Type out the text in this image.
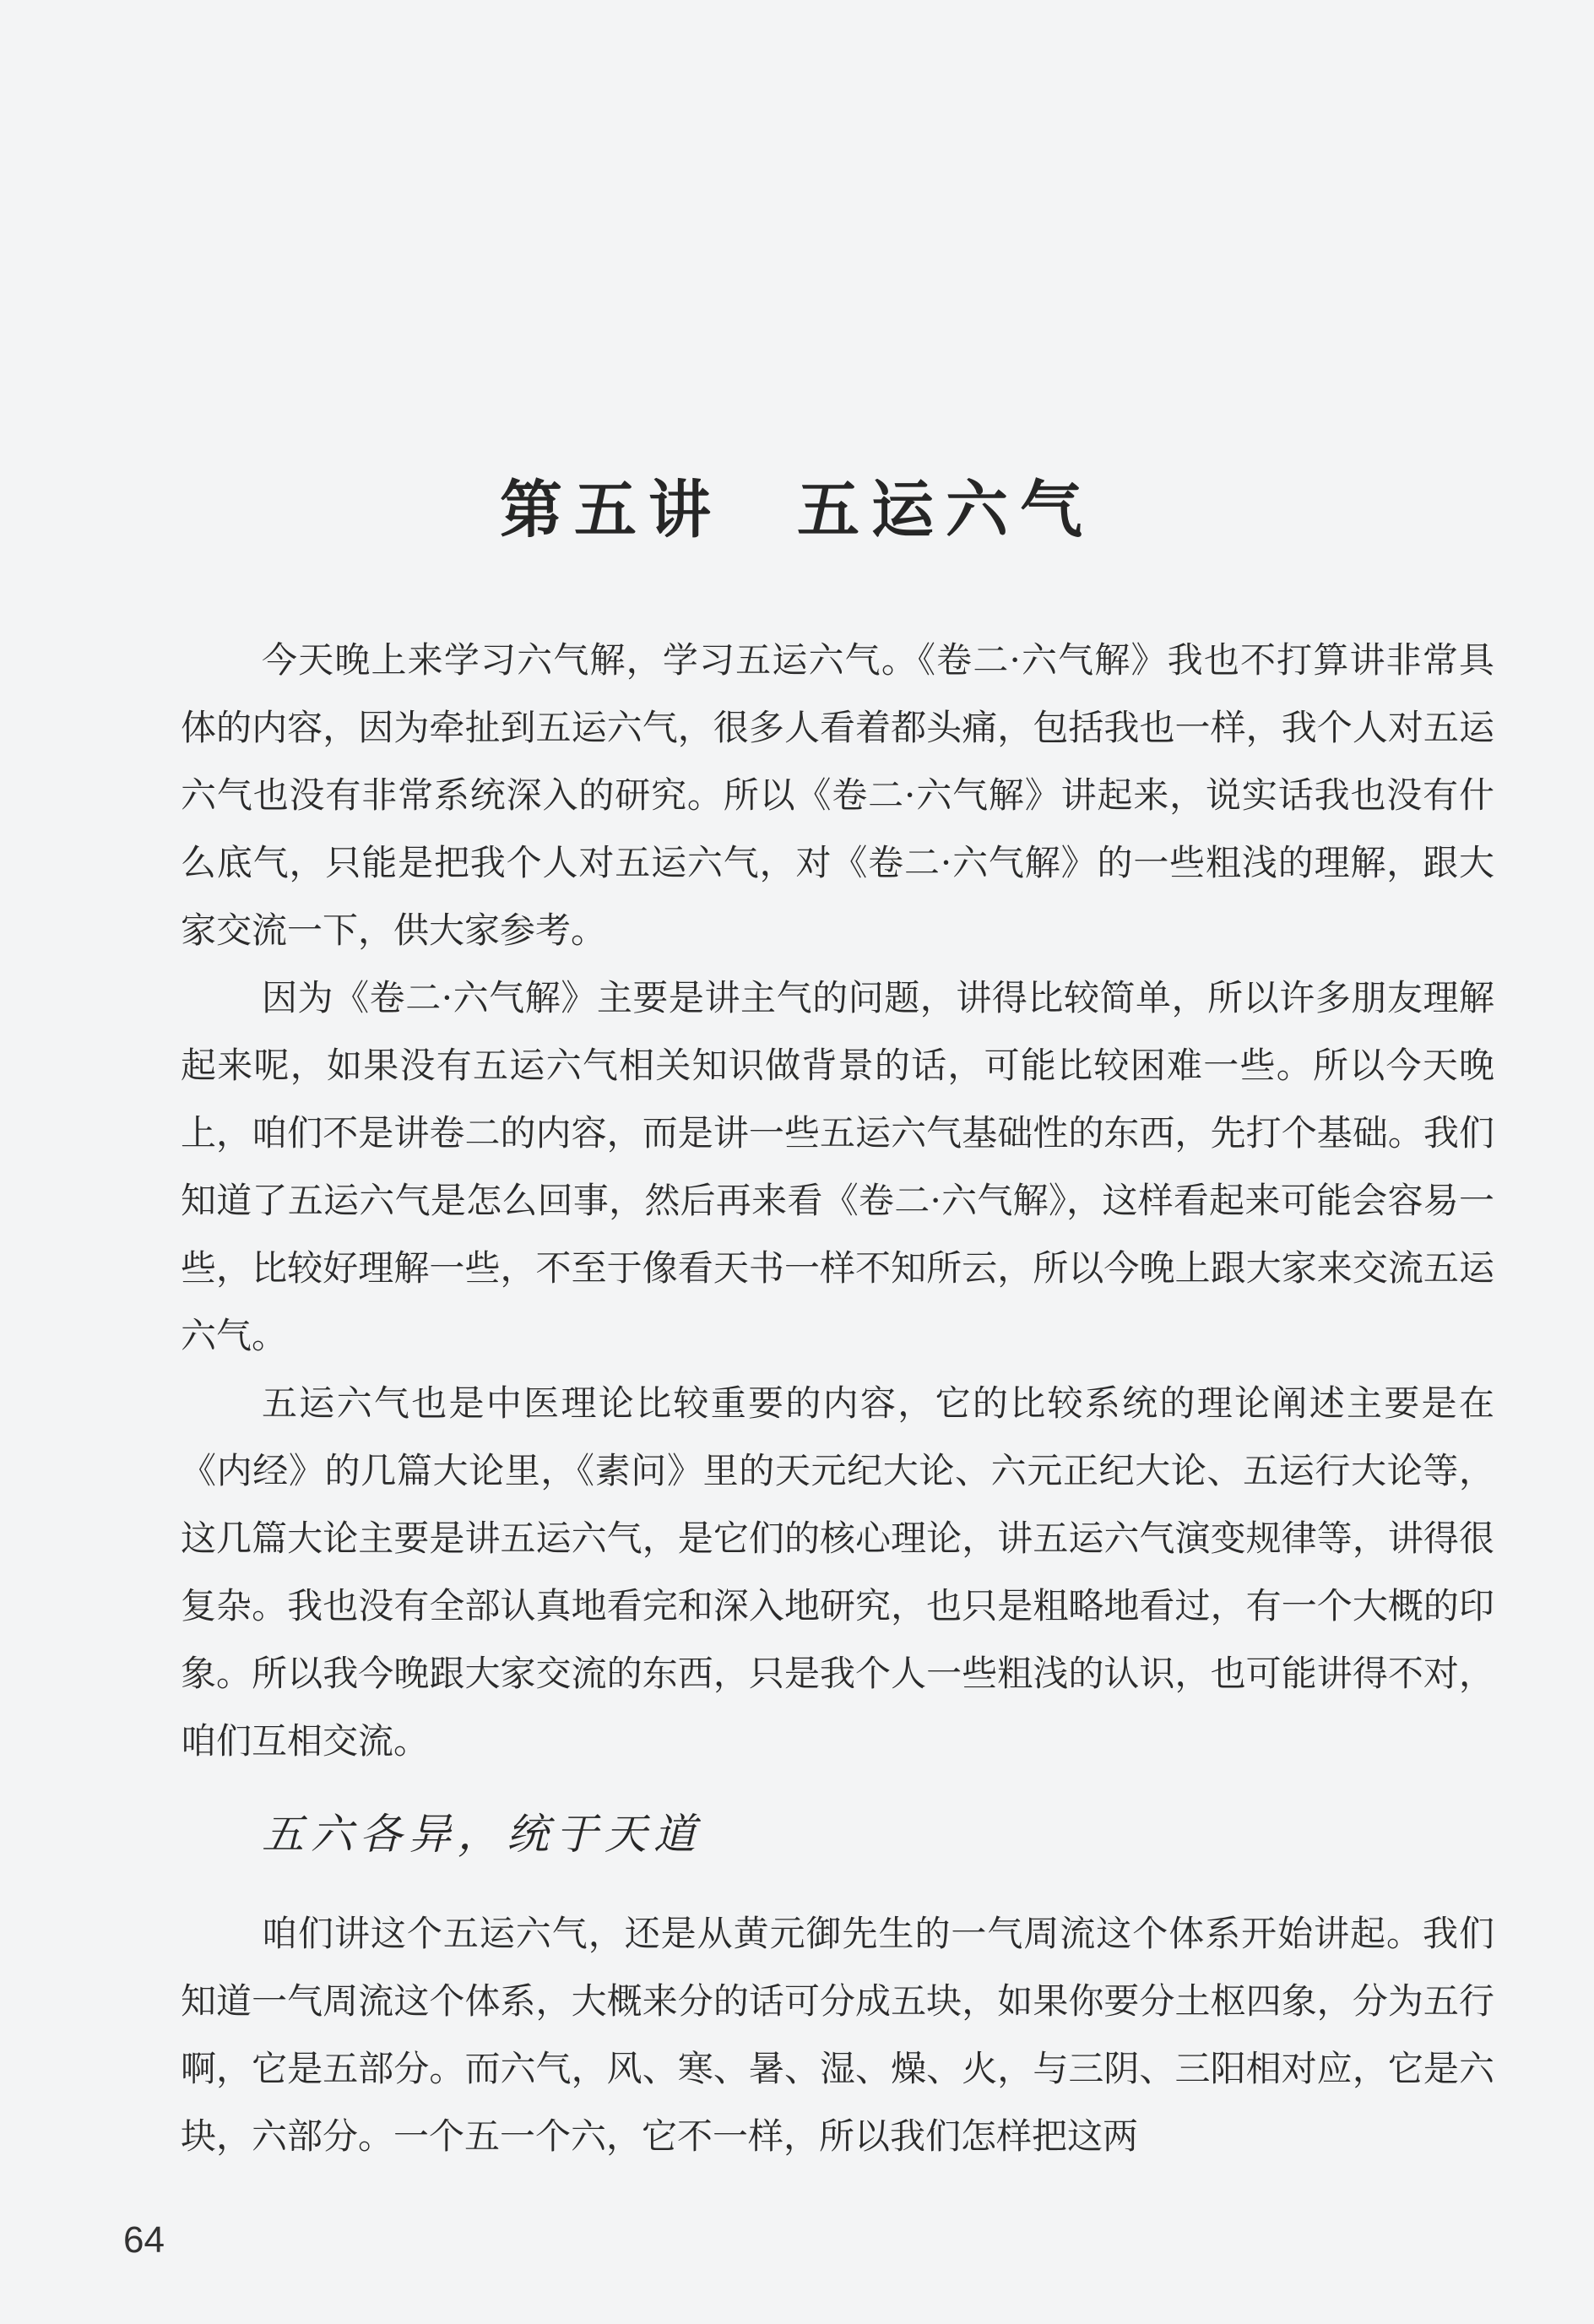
第五讲　五运六气

今天晚上来学习六气解，学习五运六气。《卷二·六气解》我也不打算讲非常具体的内容，因为牵扯到五运六气，很多人看着都头痛，包括我也一样，我个人对五运六气也没有非常系统深入的研究。所以《卷二·六气解》讲起来，说实话我也没有什么底气，只能是把我个人对五运六气，对《卷二·六气解》的一些粗浅的理解，跟大家交流一下，供大家参考。

因为《卷二·六气解》主要是讲主气的问题，讲得比较简单，所以许多朋友理解起来呢，如果没有五运六气相关知识做背景的话，可能比较困难一些。所以今天晚上，咱们不是讲卷二的内容，而是讲一些五运六气基础性的东西，先打个基础。我们知道了五运六气是怎么回事，然后再来看《卷二·六气解》，这样看起来可能会容易一些，比较好理解一些，不至于像看天书一样不知所云，所以今晚上跟大家来交流五运六气。

五运六气也是中医理论比较重要的内容，它的比较系统的理论阐述主要是在《内经》的几篇大论里，《素问》里的天元纪大论、六元正纪大论、五运行大论等，这几篇大论主要是讲五运六气，是它们的核心理论，讲五运六气演变规律等，讲得很复杂。我也没有全部认真地看完和深入地研究，也只是粗略地看过，有一个大概的印象。所以我今晚跟大家交流的东西，只是我个人一些粗浅的认识，也可能讲得不对，咱们互相交流。

五六各异，统于天道

咱们讲这个五运六气，还是从黄元御先生的一气周流这个体系开始讲起。我们知道一气周流这个体系，大概来分的话可分成五块，如果你要分土枢四象，分为五行啊，它是五部分。而六气，风、寒、暑、湿、燥、火，与三阴、三阳相对应，它是六块，六部分。一个五一个六，它不一样，所以我们怎样把这两

64
